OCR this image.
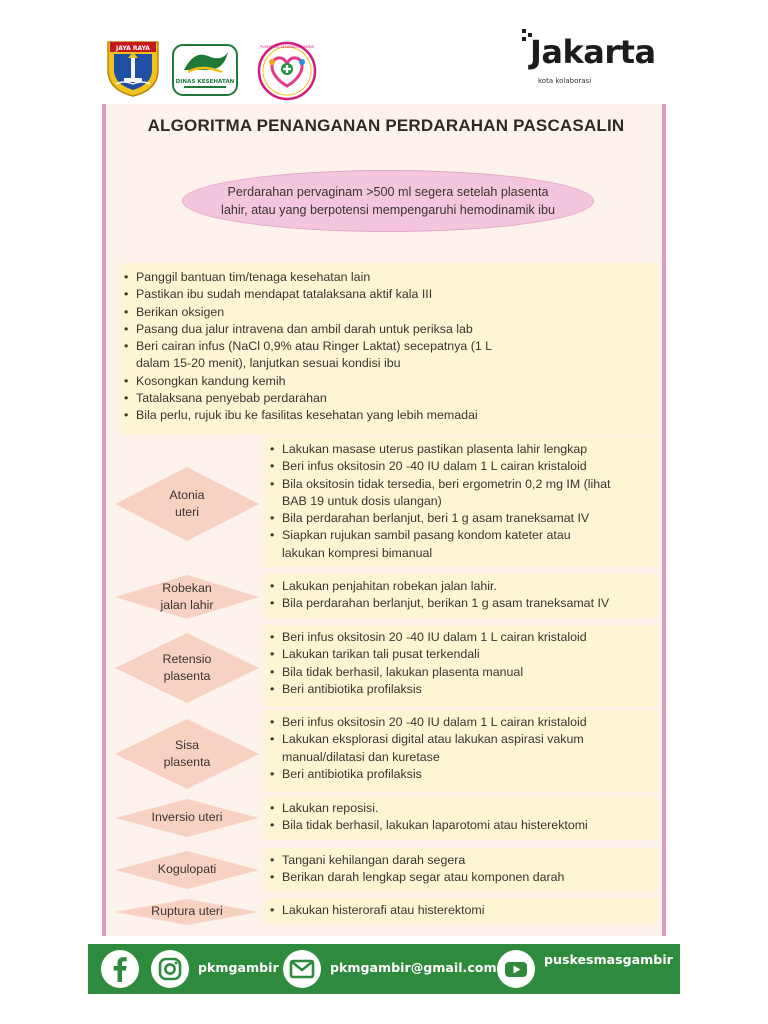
JAYA RAYA
DINAS KESEHATAN
PUSKESMAS KECAMATAN GAMBIR	Jakarta
kota kolaborasi
ALGORITMA PENANGANAN PERDARAHAN PASCASALIN
Perdarahan pervaginam >500 ml segera setelah plasenta
lahir, atau yang berpotensi mempengaruhi hemodinamik ibu
• Panggil bantuan tim/tenaga kesehatan lain
• Pastikan ibu sudah mendapat tatalaksana aktif kala III
• Berikan oksigen
• Pasang dua jalur intravena dan ambil darah untuk periksa lab
• Beri cairan infus (NaCl 0,9% atau Ringer Laktat) secepatnya (1 L dalam 15-20 menit), lanjutkan sesuai kondisi ibu
• Kosongkan kandung kemih
• Tatalaksana penyebab perdarahan
• Bila perlu, rujuk ibu ke fasilitas kesehatan yang lebih memadai
Atonia
uteri
• Lakukan masase uterus pastikan plasenta lahir lengkap
• Beri infus oksitosin 20 -40 IU dalam 1 L cairan kristaloid
• Bila oksitosin tidak tersedia, beri ergometrin 0,2 mg IM (lihat BAB 19 untuk dosis ulangan)
• Bila perdarahan berlanjut, beri 1 g asam traneksamat IV
• Siapkan rujukan sambil pasang kondom kateter atau lakukan kompresi bimanual
Robekan
jalan lahir
• Lakukan penjahitan robekan jalan lahir.
• Bila perdarahan berlanjut, berikan 1 g asam traneksamat IV
Retensio
plasenta
• Beri infus oksitosin 20 -40 IU dalam 1 L cairan kristaloid
• Lakukan tarikan tali pusat terkendali
• Bila tidak berhasil, lakukan plasenta manual
• Beri antibiotika profilaksis
Sisa
plasenta
• Beri infus oksitosin 20 -40 IU dalam 1 L cairan kristaloid
• Lakukan eksplorasi digital atau lakukan aspirasi vakum manual/dilatasi dan kuretase
• Beri antibiotika profilaksis
Inversio uteri
• Lakukan reposisi.
• Bila tidak berhasil, lakukan laparotomi atau histerektomi
Kogulopati
• Tangani kehilangan darah segera
• Berikan darah lengkap segar atau komponen darah
Ruptura uteri
•	Lakukan histerorafi atau histerektomi
pkmgambir	pkmgambir@gmail.com
puskesmasgambir
